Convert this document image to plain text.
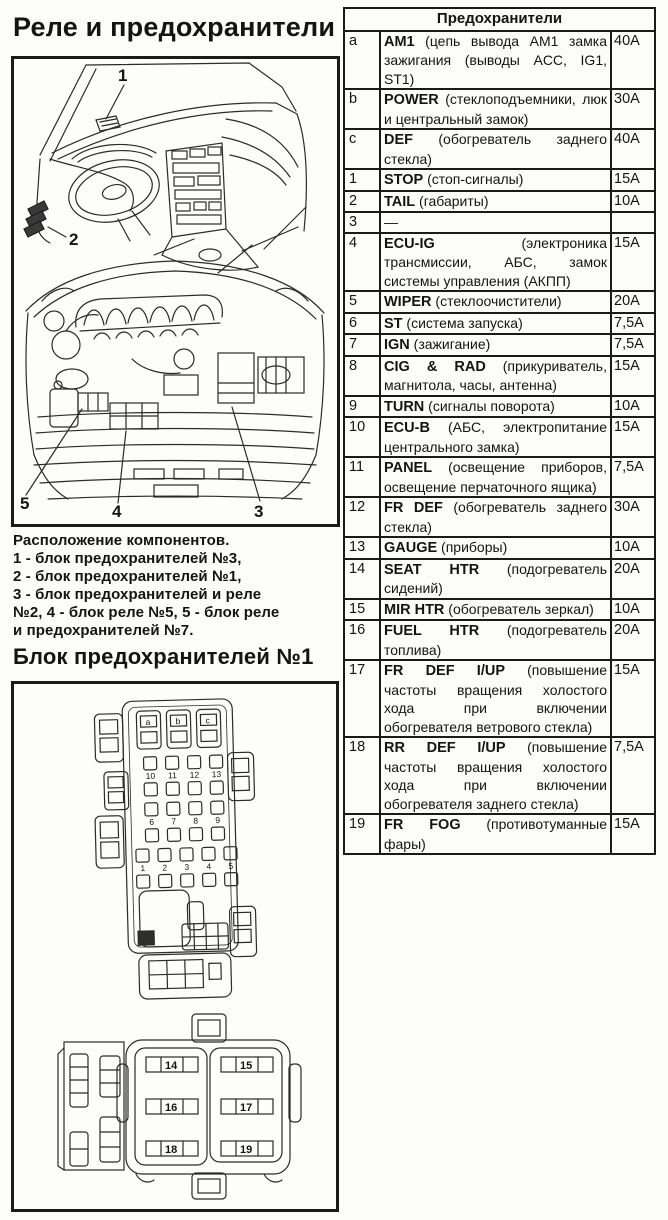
Реле и предохранители
1
2
5	4	3
Расположение компонентов.
1 - блок предохранителей №3,
2 - блок предохранителей №1,
3 - блок предохранителей и реле
№2, 4 - блок реле №5, 5 - блок реле
и предохранителей №7.
Блок предохранителей №1
a	b	c
10 11 12 13
6 7 8 9
1 2 3 4 5
14
16
18
15
17
19
Предохранители		
a	AM1 (цепь вывода AM1 замка зажигания (выводы ACC, IG1, ST1)	40A
b	POWER (стеклоподъемники, люк и центральный замок)	30A
c	DEF (обогреватель заднего стекла)	40A
1	STOP (стоп-сигналы)	15A
2	TAIL (габариты)	10A
3	—	
4	ECU-IG (электроника трансмиссии, АБС, замок системы управления (АКПП)	15A
5	WIPER (стеклоочистители)	20A
6	ST (система запуска)	7,5A
7	IGN (зажигание)	7,5A
8	CIG & RAD (прикуриватель, магнитола, часы, антенна)	15A
9	TURN (сигналы поворота)	10A
10	ECU-B (АБС, электропитание центрального замка)	15A
11	PANEL (освещение приборов, освещение перчаточного ящика)	7,5A
12	FR DEF (обогреватель заднего стекла)	30A
13	GAUGE (приборы)	10A
14	SEAT HTR (подогреватель сидений)	20A
15	MIR HTR (обогреватель зеркал)	10A
16	FUEL HTR (подогреватель топлива)	20A
17	FR DEF I/UP (повышение частоты вращения холостого хода при включении обогревателя ветрового стекла)	15A
18	RR DEF I/UP (повышение частоты вращения холостого хода при включении обогревателя заднего стекла)	7,5A
19	FR FOG (противотуманные фары)	15A
